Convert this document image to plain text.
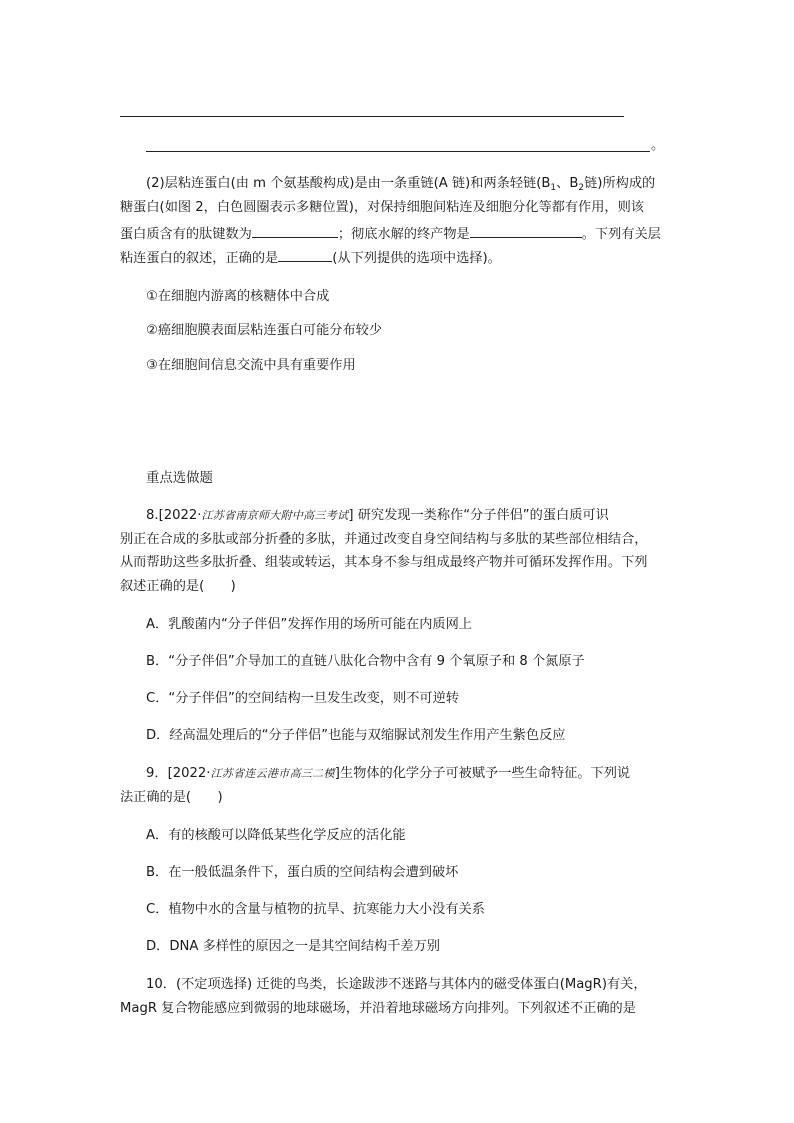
。
(2)层粘连蛋白(由 m 个氨基酸构成)是由一条重链(A 链)和两条轻链($B_1$、$B_2$链)所构成的
糖蛋白(如图 2，白色圆圈表示多糖位置)，对保持细胞间粘连及细胞分化等都有作用，则该
蛋白质含有的肽键数为	；彻底水解的终产物是	。下列有关层
粘连蛋白的叙述，正确的是	(从下列提供的选项中选择)。
①在细胞内游离的核糖体中合成
②癌细胞膜表面层粘连蛋白可能分布较少
③在细胞间信息交流中具有重要作用
重点选做题
8.[2022·江苏省南京师大附中高三考试] 研究发现一类称作“分子伴侣”的蛋白质可识
别正在合成的多肽或部分折叠的多肽，并通过改变自身空间结构与多肽的某些部位相结合，
从而帮助这些多肽折叠、组装或转运，其本身不参与组成最终产物并可循环发挥作用。下列
叙述正确的是(　　)
A．乳酸菌内“分子伴侣”发挥作用的场所可能在内质网上
B．“分子伴侣”介导加工的直链八肽化合物中含有 9 个氧原子和 8 个氮原子
C．“分子伴侣”的空间结构一旦发生改变，则不可逆转
D．经高温处理后的“分子伴侣”也能与双缩脲试剂发生作用产生紫色反应
9．[2022·江苏省连云港市高三二模]生物体的化学分子可被赋予一些生命特征。下列说
法正确的是(　　)
A．有的核酸可以降低某些化学反应的活化能
B．在一般低温条件下，蛋白质的空间结构会遭到破坏
C．植物中水的含量与植物的抗旱、抗寒能力大小没有关系
D．DNA 多样性的原因之一是其空间结构千差万别
10．(不定项选择) 迁徙的鸟类，长途跋涉不迷路与其体内的磁受体蛋白(MagR)有关，
MagR 复合物能感应到微弱的地球磁场，并沿着地球磁场方向排列。下列叙述不正确的是
